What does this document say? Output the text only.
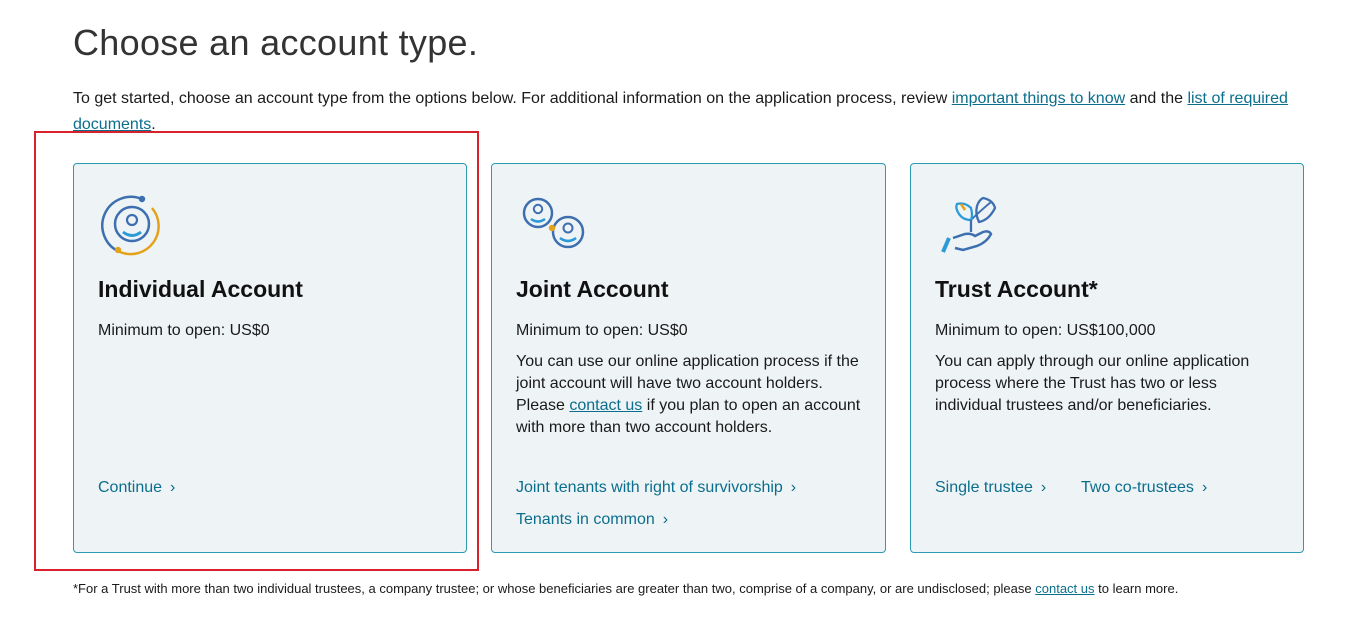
Choose an account type.

To get started, choose an account type from the options below. For additional information on the application process, review important things to know and the list of required documents.

Individual Account

Minimum to open: US$0

Continue ›
Joint Account

Minimum to open: US$0

You can use our online application process if the joint account will have two account holders. Please contact us if you plan to open an account with more than two account holders.

Joint tenants with right of survivorship ›
Tenants in common ›
Trust Account*

Minimum to open: US$100,000

You can apply through our online application process where the Trust has two or less individual trustees and/or beneficiaries.

Single trustee › Two co-trustees ›

*For a Trust with more than two individual trustees, a company trustee; or whose beneficiaries are greater than two, comprise of a company, or are undisclosed; please contact us to learn more.
